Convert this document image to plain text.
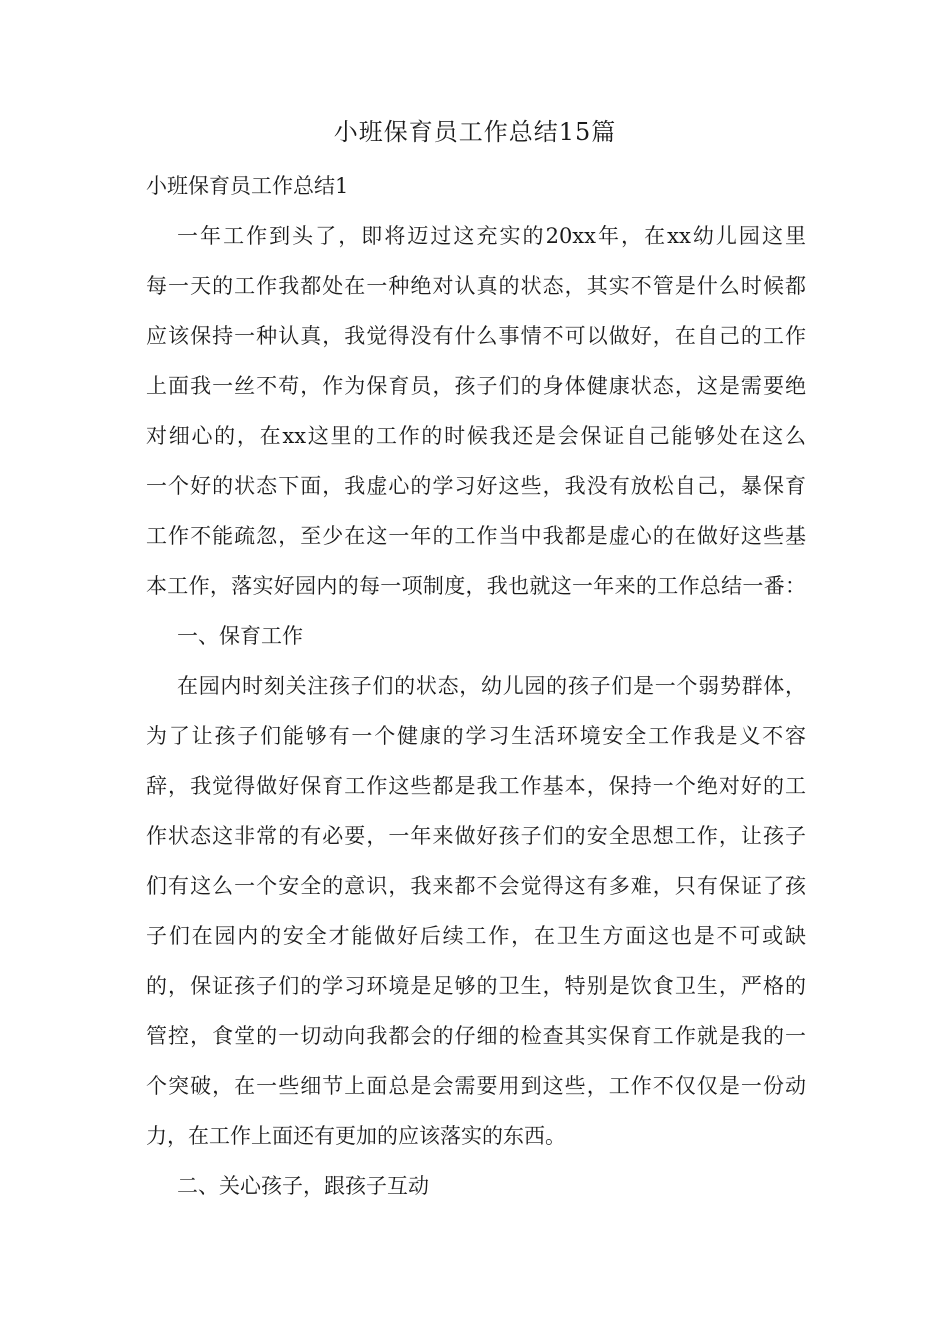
小班保育员工作总结15篇
小班保育员工作总结1
一年工作到头了，即将迈过这充实的20xx年，在xx幼儿园这里
每一天的工作我都处在一种绝对认真的状态，其实不管是什么时候都
应该保持一种认真，我觉得没有什么事情不可以做好，在自己的工作
上面我一丝不苟，作为保育员，孩子们的身体健康状态，这是需要绝
对细心的，在xx这里的工作的时候我还是会保证自己能够处在这么
一个好的状态下面，我虚心的学习好这些，我没有放松自己，暴保育
工作不能疏忽，至少在这一年的工作当中我都是虚心的在做好这些基
本工作，落实好园内的每一项制度，我也就这一年来的工作总结一番：
一、保育工作
在园内时刻关注孩子们的状态，幼儿园的孩子们是一个弱势群体，
为了让孩子们能够有一个健康的学习生活环境安全工作我是义不容
辞，我觉得做好保育工作这些都是我工作基本，保持一个绝对好的工
作状态这非常的有必要，一年来做好孩子们的安全思想工作，让孩子
们有这么一个安全的意识，我来都不会觉得这有多难，只有保证了孩
子们在园内的安全才能做好后续工作，在卫生方面这也是不可或缺
的，保证孩子们的学习环境是足够的卫生，特别是饮食卫生，严格的
管控，食堂的一切动向我都会的仔细的检查其实保育工作就是我的一
个突破，在一些细节上面总是会需要用到这些，工作不仅仅是一份动
力，在工作上面还有更加的应该落实的东西。
二、关心孩子，跟孩子互动
